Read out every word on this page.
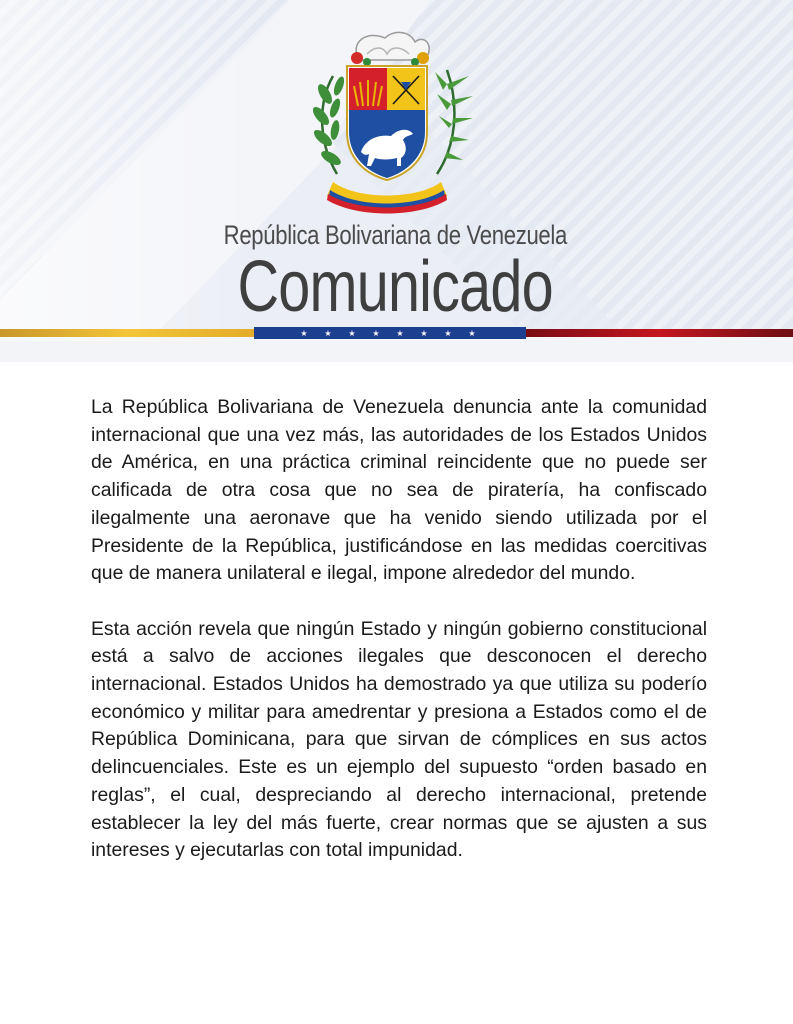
República Bolivariana de Venezuela
Comunicado
★ ★ ★ ★ ★ ★ ★ ★

La República Bolivariana de Venezuela denuncia ante la comunidad internacional que una vez más, las autoridades de los Estados Unidos de América, en una práctica criminal reincidente que no puede ser calificada de otra cosa que no sea de piratería, ha confiscado ilegalmente una aeronave que ha venido siendo utilizada por el Presidente de la República, justificándose en las medidas coercitivas que de manera unilateral e ilegal, impone alrededor del mundo.

Esta acción revela que ningún Estado y ningún gobierno constitucional está a salvo de acciones ilegales que desconocen el derecho internacional. Estados Unidos ha demostrado ya que utiliza su poderío económico y militar para amedrentar y presiona a Estados como el de República Dominicana, para que sirvan de cómplices en sus actos delincuenciales. Este es un ejemplo del supuesto “orden basado en reglas”, el cual, despreciando al derecho internacional, pretende establecer la ley del más fuerte, crear normas que se ajusten a sus intereses y ejecutarlas con total impunidad.
